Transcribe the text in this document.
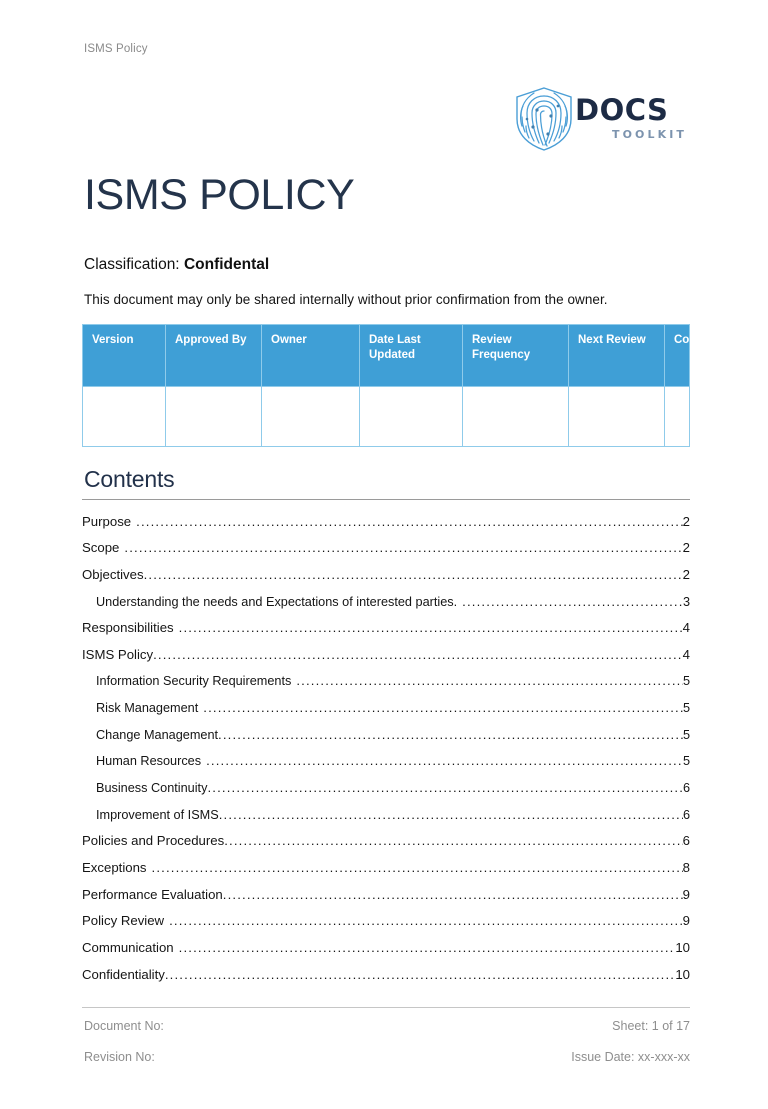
ISMS Policy
DOCS
TOOLKIT
ISMS POLICY
Classification: Confidental
This document may only be shared internally without prior confirmation from the owner.
Version	Approved By	Owner	Date Last Updated	Review Frequency	Next Review	Comments

Contents
Purpose .....	2
Scope .....	2
Objectives .....	2
Understanding the needs and Expectations of interested parties. .....	3
Responsibilities .....	4
ISMS Policy .....	4
Information Security Requirements .....	5
Risk Management .....	5
Change Management .....	5
Human Resources .....	5
Business Continuity .....	6
Improvement of ISMS .....	6
Policies and Procedures .....	6
Exceptions .....	8
Performance Evaluation .....	9
Policy Review .....	9
Communication .....	10
Confidentiality .....	10
Document No:	Sheet: 1 of 17
Revision No:	Issue Date: xx-xxx-xx
